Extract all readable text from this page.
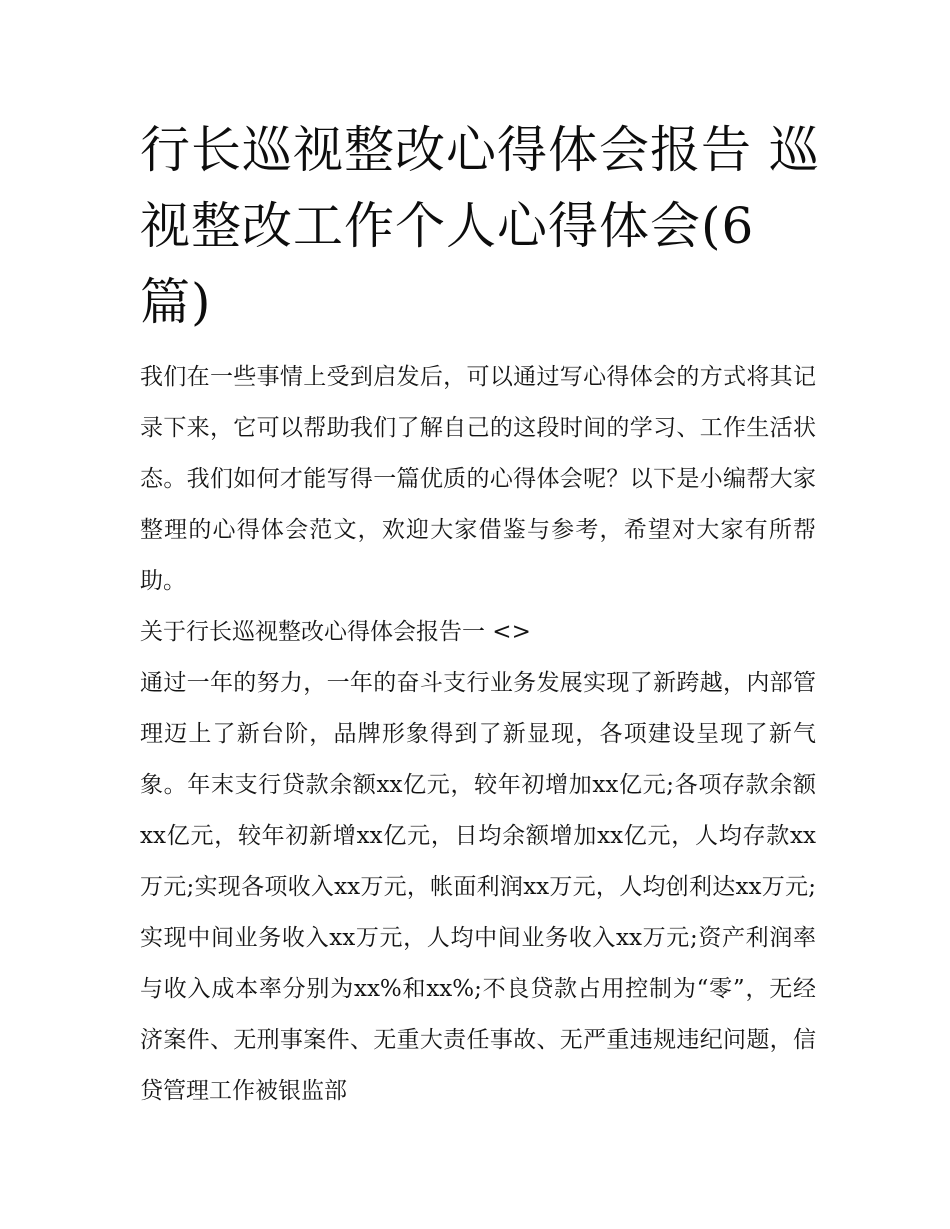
行长巡视整改心得体会报告 巡视整改工作个人心得体会(6篇)

我们在一些事情上受到启发后，可以通过写心得体会的方式将其记录下来，它可以帮助我们了解自己的这段时间的学习、工作生活状态。我们如何才能写得一篇优质的心得体会呢？以下是小编帮大家整理的心得体会范文，欢迎大家借鉴与参考，希望对大家有所帮助。

关于行长巡视整改心得体会报告一 <>

通过一年的努力，一年的奋斗支行业务发展实现了新跨越，内部管理迈上了新台阶，品牌形象得到了新显现，各项建设呈现了新气象。年末支行贷款余额xx亿元，较年初增加xx亿元;各项存款余额xx亿元，较年初新增xx亿元，日均余额增加xx亿元，人均存款xx万元;实现各项收入xx万元，帐面利润xx万元，人均创利达xx万元;实现中间业务收入xx万元，人均中间业务收入xx万元;资产利润率与收入成本率分别为xx%和xx%;不良贷款占用控制为“零”，无经济案件、无刑事案件、无重大责任事故、无严重违规违纪问题，信贷管理工作被银监部
